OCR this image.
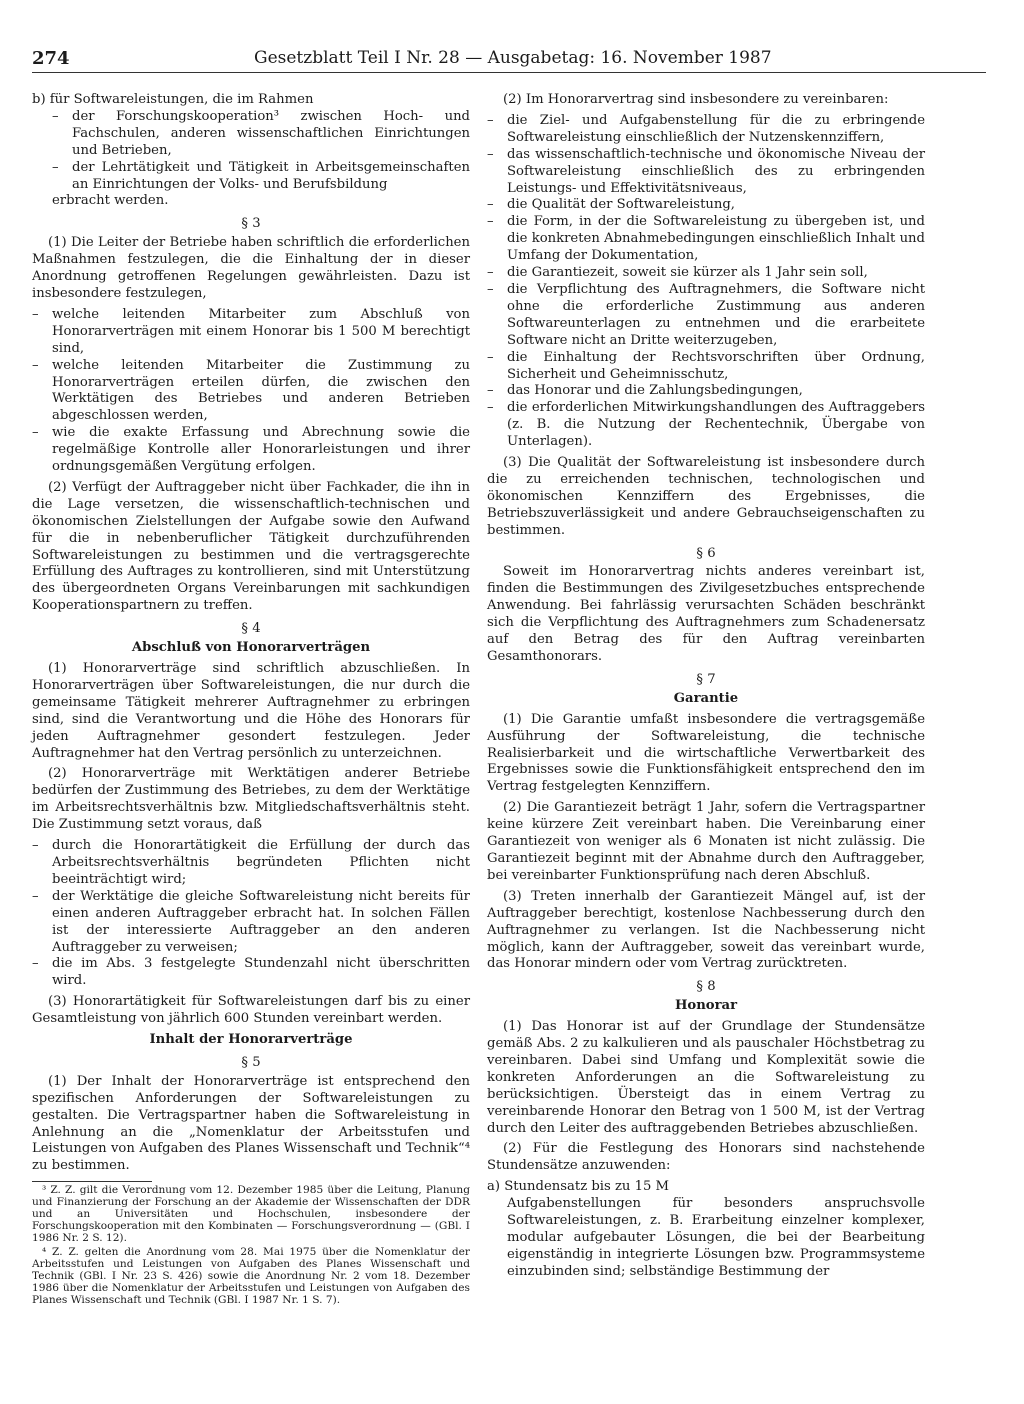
274	Gesetzblatt Teil I Nr. 28 — Ausgabetag: 16. November 1987

b) für Softwareleistungen, die im Rahmen

– der Forschungskooperation³ zwischen Hoch- und Fachschulen, anderen wissenschaftlichen Einrichtungen und Betrieben,
– der Lehrtätigkeit und Tätigkeit in Arbeitsgemeinschaften an Einrichtungen der Volks- und Berufsbildung

erbracht werden.

§ 3

(1) Die Leiter der Betriebe haben schriftlich die erforderlichen Maßnahmen festzulegen, die die Einhaltung der in dieser Anordnung getroffenen Regelungen gewährleisten. Dazu ist insbesondere festzulegen,

– welche leitenden Mitarbeiter zum Abschluß von Honorarverträgen mit einem Honorar bis 1 500 M berechtigt sind,
– welche leitenden Mitarbeiter die Zustimmung zu Honorarverträgen erteilen dürfen, die zwischen den Werktätigen des Betriebes und anderen Betrieben abgeschlossen werden,
– wie die exakte Erfassung und Abrechnung sowie die regelmäßige Kontrolle aller Honorarleistungen und ihrer ordnungsgemäßen Vergütung erfolgen.

(2) Verfügt der Auftraggeber nicht über Fachkader, die ihn in die Lage versetzen, die wissenschaftlich-technischen und ökonomischen Zielstellungen der Aufgabe sowie den Aufwand für die in nebenberuflicher Tätigkeit durchzuführenden Softwareleistungen zu bestimmen und die vertragsgerechte Erfüllung des Auftrages zu kontrollieren, sind mit Unterstützung des übergeordneten Organs Vereinbarungen mit sachkundigen Kooperationspartnern zu treffen.

§ 4

Abschluß von Honorarverträgen

(1) Honorarverträge sind schriftlich abzuschließen. In Honorarverträgen über Softwareleistungen, die nur durch die gemeinsame Tätigkeit mehrerer Auftragnehmer zu erbringen sind, sind die Verantwortung und die Höhe des Honorars für jeden Auftragnehmer gesondert festzulegen. Jeder Auftragnehmer hat den Vertrag persönlich zu unterzeichnen.

(2) Honorarverträge mit Werktätigen anderer Betriebe bedürfen der Zustimmung des Betriebes, zu dem der Werktätige im Arbeitsrechtsverhältnis bzw. Mitgliedschaftsverhältnis steht. Die Zustimmung setzt voraus, daß

– durch die Honorartätigkeit die Erfüllung der durch das Arbeitsrechtsverhältnis begründeten Pflichten nicht beeinträchtigt wird;
– der Werktätige die gleiche Softwareleistung nicht bereits für einen anderen Auftraggeber erbracht hat. In solchen Fällen ist der interessierte Auftraggeber an den anderen Auftraggeber zu verweisen;
– die im Abs. 3 festgelegte Stundenzahl nicht überschritten wird.

(3) Honorartätigkeit für Softwareleistungen darf bis zu einer Gesamtleistung von jährlich 600 Stunden vereinbart werden.

Inhalt der Honorarverträge

§ 5

(1) Der Inhalt der Honorarverträge ist entsprechend den spezifischen Anforderungen der Softwareleistungen zu gestalten. Die Vertragspartner haben die Softwareleistung in Anlehnung an die „Nomenklatur der Arbeitsstufen und Leistungen von Aufgaben des Planes Wissenschaft und Technik“⁴ zu bestimmen.

³ Z. Z. gilt die Verordnung vom 12. Dezember 1985 über die Leitung, Planung und Finanzierung der Forschung an der Akademie der Wissenschaften der DDR und an Universitäten und Hochschulen, insbesondere der Forschungskooperation mit den Kombinaten — Forschungsverordnung — (GBl. I 1986 Nr. 2 S. 12).

⁴ Z. Z. gelten die Anordnung vom 28. Mai 1975 über die Nomenklatur der Arbeitsstufen und Leistungen von Aufgaben des Planes Wissenschaft und Technik (GBl. I Nr. 23 S. 426) sowie die Anordnung Nr. 2 vom 18. Dezember 1986 über die Nomenklatur der Arbeitsstufen und Leistungen von Aufgaben des Planes Wissenschaft und Technik (GBl. I 1987 Nr. 1 S. 7).

(2) Im Honorarvertrag sind insbesondere zu vereinbaren:

– die Ziel- und Aufgabenstellung für die zu erbringende Softwareleistung einschließlich der Nutzenskennziffern,
– das wissenschaftlich-technische und ökonomische Niveau der Softwareleistung einschließlich des zu erbringenden Leistungs- und Effektivitätsniveaus,
– die Qualität der Softwareleistung,
– die Form, in der die Softwareleistung zu übergeben ist, und die konkreten Abnahmebedingungen einschließlich Inhalt und Umfang der Dokumentation,
– die Garantiezeit, soweit sie kürzer als 1 Jahr sein soll,
– die Verpflichtung des Auftragnehmers, die Software nicht ohne die erforderliche Zustimmung aus anderen Softwareunterlagen zu entnehmen und die erarbeitete Software nicht an Dritte weiterzugeben,
– die Einhaltung der Rechtsvorschriften über Ordnung, Sicherheit und Geheimnisschutz,
– das Honorar und die Zahlungsbedingungen,
– die erforderlichen Mitwirkungshandlungen des Auftraggebers (z. B. die Nutzung der Rechentechnik, Übergabe von Unterlagen).

(3) Die Qualität der Softwareleistung ist insbesondere durch die zu erreichenden technischen, technologischen und ökonomischen Kennziffern des Ergebnisses, die Betriebszuverlässigkeit und andere Gebrauchseigenschaften zu bestimmen.

§ 6

Soweit im Honorarvertrag nichts anderes vereinbart ist, finden die Bestimmungen des Zivilgesetzbuches entsprechende Anwendung. Bei fahrlässig verursachten Schäden beschränkt sich die Verpflichtung des Auftragnehmers zum Schadenersatz auf den Betrag des für den Auftrag vereinbarten Gesamthonorars.

§ 7

Garantie

(1) Die Garantie umfaßt insbesondere die vertragsgemäße Ausführung der Softwareleistung, die technische Realisierbarkeit und die wirtschaftliche Verwertbarkeit des Ergebnisses sowie die Funktionsfähigkeit entsprechend den im Vertrag festgelegten Kennziffern.

(2) Die Garantiezeit beträgt 1 Jahr, sofern die Vertragspartner keine kürzere Zeit vereinbart haben. Die Vereinbarung einer Garantiezeit von weniger als 6 Monaten ist nicht zulässig. Die Garantiezeit beginnt mit der Abnahme durch den Auftraggeber, bei vereinbarter Funktionsprüfung nach deren Abschluß.

(3) Treten innerhalb der Garantiezeit Mängel auf, ist der Auftraggeber berechtigt, kostenlose Nachbesserung durch den Auftragnehmer zu verlangen. Ist die Nachbesserung nicht möglich, kann der Auftraggeber, soweit das vereinbart wurde, das Honorar mindern oder vom Vertrag zurücktreten.

§ 8

Honorar

(1) Das Honorar ist auf der Grundlage der Stundensätze gemäß Abs. 2 zu kalkulieren und als pauschaler Höchstbetrag zu vereinbaren. Dabei sind Umfang und Komplexität sowie die konkreten Anforderungen an die Softwareleistung zu berücksichtigen. Übersteigt das in einem Vertrag zu vereinbarende Honorar den Betrag von 1 500 M, ist der Vertrag durch den Leiter des auftraggebenden Betriebes abzuschließen.

(2) Für die Festlegung des Honorars sind nachstehende Stundensätze anzuwenden:

a) Stundensatz bis zu 15 M

Aufgabenstellungen für besonders anspruchsvolle Softwareleistungen, z. B. Erarbeitung einzelner komplexer, modular aufgebauter Lösungen, die bei der Bearbeitung eigenständig in integrierte Lösungen bzw. Programmsysteme einzubinden sind; selbständige Bestimmung der
